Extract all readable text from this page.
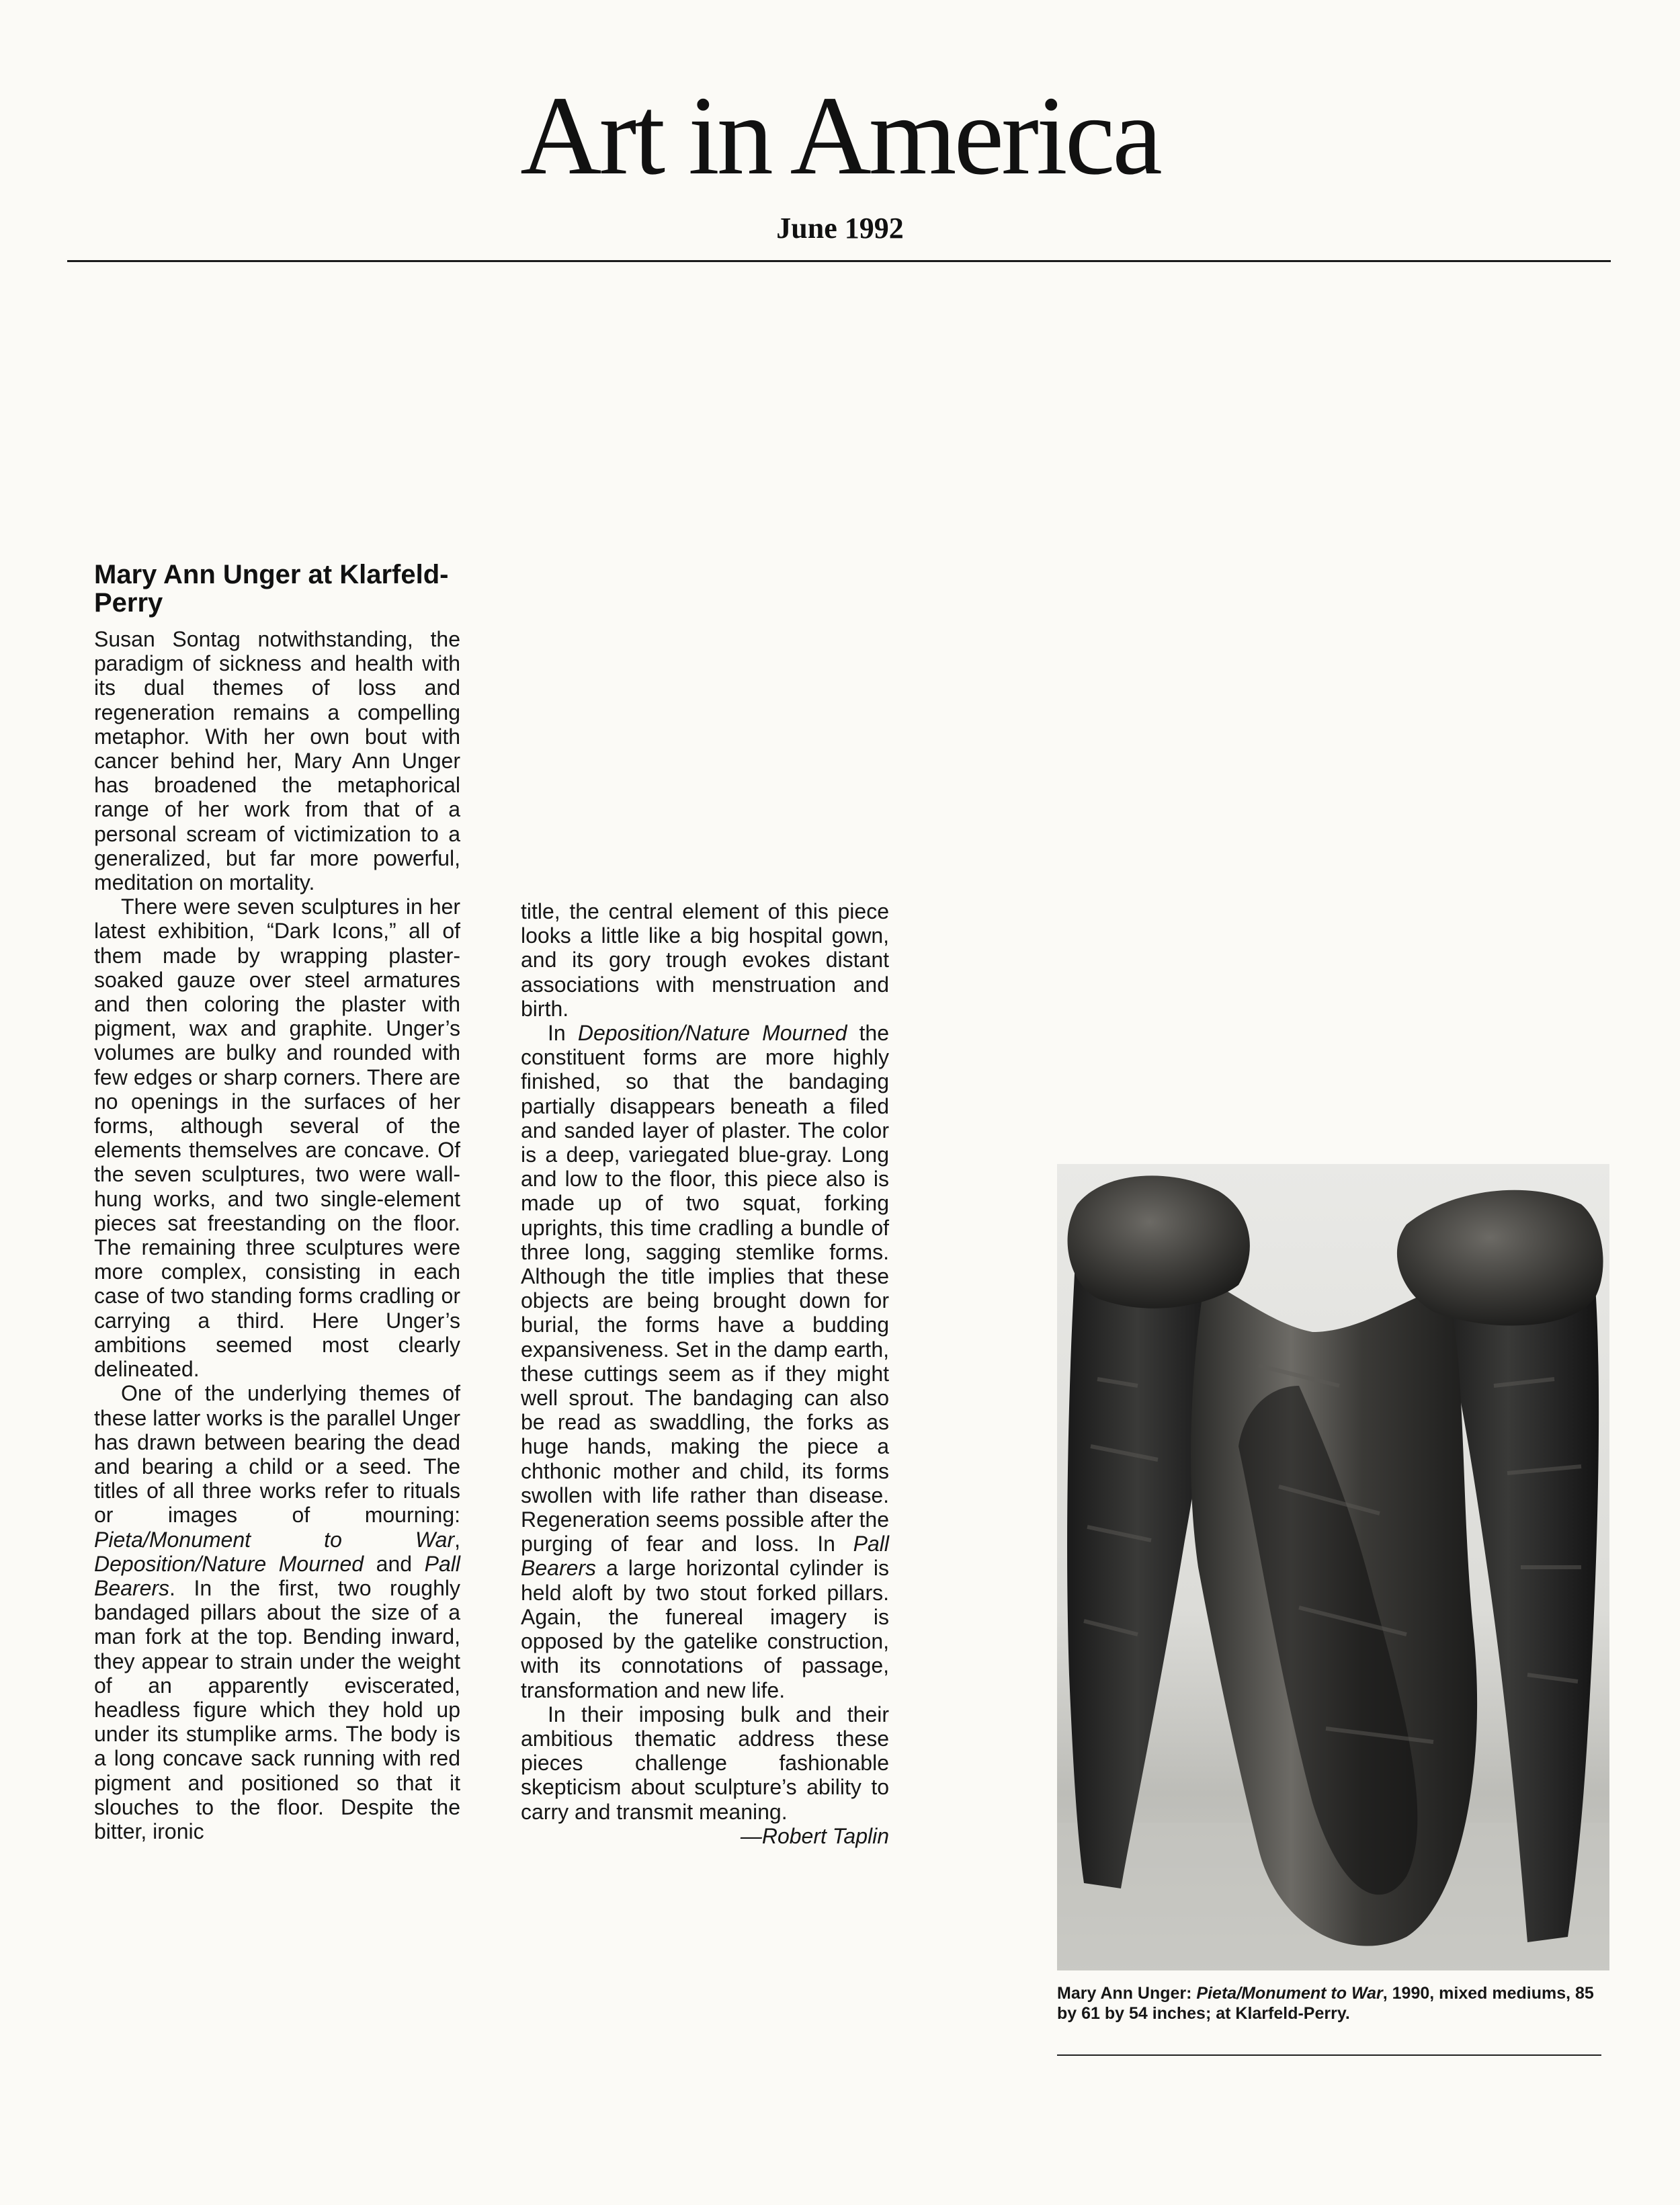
Art in America
June 1992
Mary Ann Unger at Klarfeld-Perry

Susan Sontag notwithstanding, the paradigm of sickness and health with its dual themes of loss and regeneration remains a compelling metaphor. With her own bout with cancer behind her, Mary Ann Unger has broadened the metaphorical range of her work from that of a personal scream of victimization to a generalized, but far more powerful, meditation on mortality.

There were seven sculptures in her latest exhibition, “Dark Icons,” all of them made by wrapping plaster-soaked gauze over steel armatures and then coloring the plaster with pigment, wax and graphite. Unger’s volumes are bulky and rounded with few edges or sharp corners. There are no openings in the surfaces of her forms, although several of the elements themselves are concave. Of the seven sculptures, two were wall-hung works, and two single-element pieces sat freestanding on the floor. The remaining three sculptures were more complex, consisting in each case of two standing forms cradling or carrying a third. Here Unger’s ambitions seemed most clearly delineated.

One of the underlying themes of these latter works is the parallel Unger has drawn between bearing the dead and bearing a child or a seed. The titles of all three works refer to rituals or images of mourning: Pieta/Monument to War, Deposition/Nature Mourned and Pall Bearers. In the first, two roughly bandaged pillars about the size of a man fork at the top. Bending inward, they appear to strain under the weight of an apparently eviscerated, headless figure which they hold up under its stumplike arms. The body is a long concave sack running with red pigment and positioned so that it slouches to the floor. Despite the bitter, ironic

title, the central element of this piece looks a little like a big hospital gown, and its gory trough evokes distant associations with menstruation and birth.

In Deposition/Nature Mourned the constituent forms are more highly finished, so that the bandaging partially disappears beneath a filed and sanded layer of plaster. The color is a deep, variegated blue-gray. Long and low to the floor, this piece also is made up of two squat, forking uprights, this time cradling a bundle of three long, sagging stemlike forms. Although the title implies that these objects are being brought down for burial, the forms have a budding expansiveness. Set in the damp earth, these cuttings seem as if they might well sprout. The bandaging can also be read as swaddling, the forks as huge hands, making the piece a chthonic mother and child, its forms swollen with life rather than disease. Regeneration seems possible after the purging of fear and loss. In Pall Bearers a large horizontal cylinder is held aloft by two stout forked pillars. Again, the funereal imagery is opposed by the gatelike construction, with its connotations of passage, transformation and new life.

In their imposing bulk and their ambitious thematic address these pieces challenge fashionable skepticism about sculpture’s ability to carry and transmit meaning.
—Robert Taplin

Mary Ann Unger: Pieta/Monument to War, 1990, mixed mediums, 85 by 61 by 54 inches; at Klarfeld-Perry.
